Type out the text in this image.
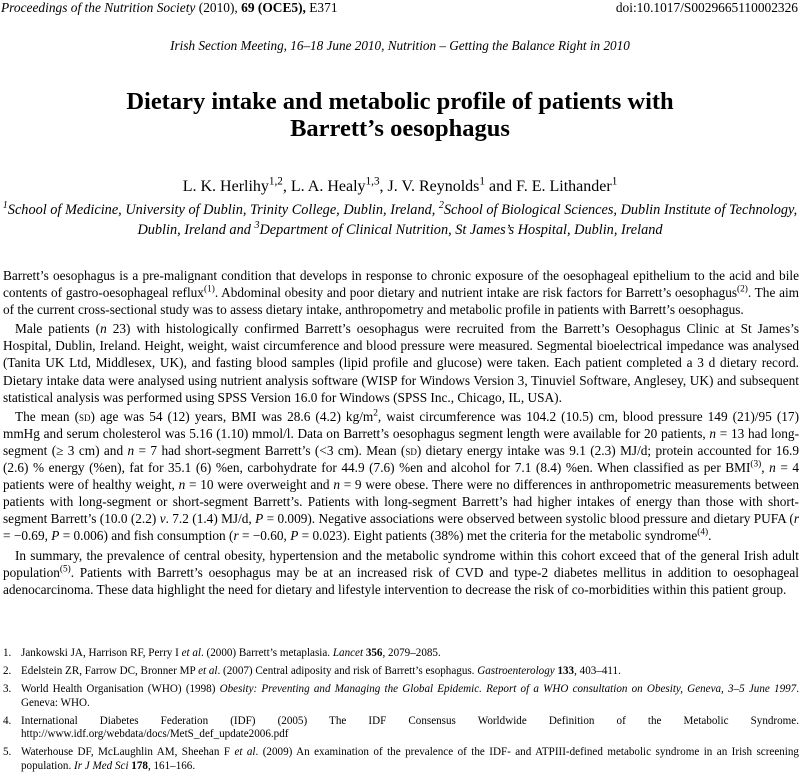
Proceedings of the Nutrition Society (2010), 69 (OCE5), E371	doi:10.1017/S0029665110002326
Irish Section Meeting, 16–18 June 2010, Nutrition – Getting the Balance Right in 2010
Dietary intake and metabolic profile of patients with
Barrett’s oesophagus
L. K. Herlihy$^{1,2}$, L. A. Healy$^{1,3}$, J. V. Reynolds$^1$ and F. E. Lithander$^1$
$^1$School of Medicine, University of Dublin, Trinity College, Dublin, Ireland, $^2$School of Biological Sciences, Dublin Institute of Technology, Dublin, Ireland and $^3$Department of Clinical Nutrition, St James’s Hospital, Dublin, Ireland

Barrett’s oesophagus is a pre-malignant condition that develops in response to chronic exposure of the oesophageal epithelium to the acid and bile contents of gastro-oesophageal reflux$^{(1)}$. Abdominal obesity and poor dietary and nutrient intake are risk factors for Barrett’s oesophagus$^{(2)}$. The aim of the current cross-sectional study was to assess dietary intake, anthropometry and metabolic profile in patients with Barrett’s oesophagus.

Male patients (n 23) with histologically confirmed Barrett’s oesophagus were recruited from the Barrett’s Oesophagus Clinic at St James’s Hospital, Dublin, Ireland. Height, weight, waist circumference and blood pressure were measured. Segmental bioelectrical impedance was analysed (Tanita UK Ltd, Middlesex, UK), and fasting blood samples (lipid profile and glucose) were taken. Each patient completed a 3 d dietary record. Dietary intake data were analysed using nutrient analysis software (WISP for Windows Version 3, Tinuviel Software, Anglesey, UK) and subsequent statistical analysis was performed using SPSS Version 16.0 for Windows (SPSS Inc., Chicago, IL, USA).

The mean (sd) age was 54 (12) years, BMI was 28.6 (4.2) $kg/m^2$, waist circumference was 104.2 (10.5) cm, blood pressure 149 (21)/95 (17) mmHg and serum cholesterol was 5.16 (1.10) mmol/l. Data on Barrett’s oesophagus segment length were available for 20 patients, n = 13 had long-segment (≥ 3 cm) and n = 7 had short-segment Barrett’s (<3 cm). Mean (sd) dietary energy intake was 9.1 (2.3) MJ/d; protein accounted for 16.9 (2.6) % energy (%en), fat for 35.1 (6) %en, carbohydrate for 44.9 (7.6) %en and alcohol for 7.1 (8.4) %en. When classified as per BMI$^{(3)}$, n = 4 patients were of healthy weight, n = 10 were overweight and n = 9 were obese. There were no differences in anthropometric measurements between patients with long-segment or short-segment Barrett’s. Patients with long-segment Barrett’s had higher intakes of energy than those with short-segment Barrett’s (10.0 (2.2) v. 7.2 (1.4) MJ/d, P = 0.009). Negative associations were observed between systolic blood pressure and dietary PUFA (r = −0.69, P = 0.006) and fish consumption (r = −0.60, P = 0.023). Eight patients (38%) met the criteria for the metabolic syndrome$^{(4)}$.

In summary, the prevalence of central obesity, hypertension and the metabolic syndrome within this cohort exceed that of the general Irish adult population$^{(5)}$. Patients with Barrett’s oesophagus may be at an increased risk of CVD and type-2 diabetes mellitus in addition to oesophageal adenocarcinoma. These data highlight the need for dietary and lifestyle intervention to decrease the risk of co-morbidities within this patient group.

1. Jankowski JA, Harrison RF, Perry I et al. (2000) Barrett’s metaplasia. Lancet 356, 2079–2085.
2. Edelstein ZR, Farrow DC, Bronner MP et al. (2007) Central adiposity and risk of Barrett’s esophagus. Gastroenterology 133, 403–411.
3. World Health Organisation (WHO) (1998) Obesity: Preventing and Managing the Global Epidemic. Report of a WHO consultation on Obesity, Geneva, 3–5 June 1997. Geneva: WHO.
4. International Diabetes Federation (IDF) (2005) The IDF Consensus Worldwide Definition of the Metabolic Syndrome. http://www.idf.org/webdata/docs/MetS_def_update2006.pdf
5. Waterhouse DF, McLaughlin AM, Sheehan F et al. (2009) An examination of the prevalence of the IDF- and ATPIII-defined metabolic syndrome in an Irish screening population. Ir J Med Sci 178, 161–166.
